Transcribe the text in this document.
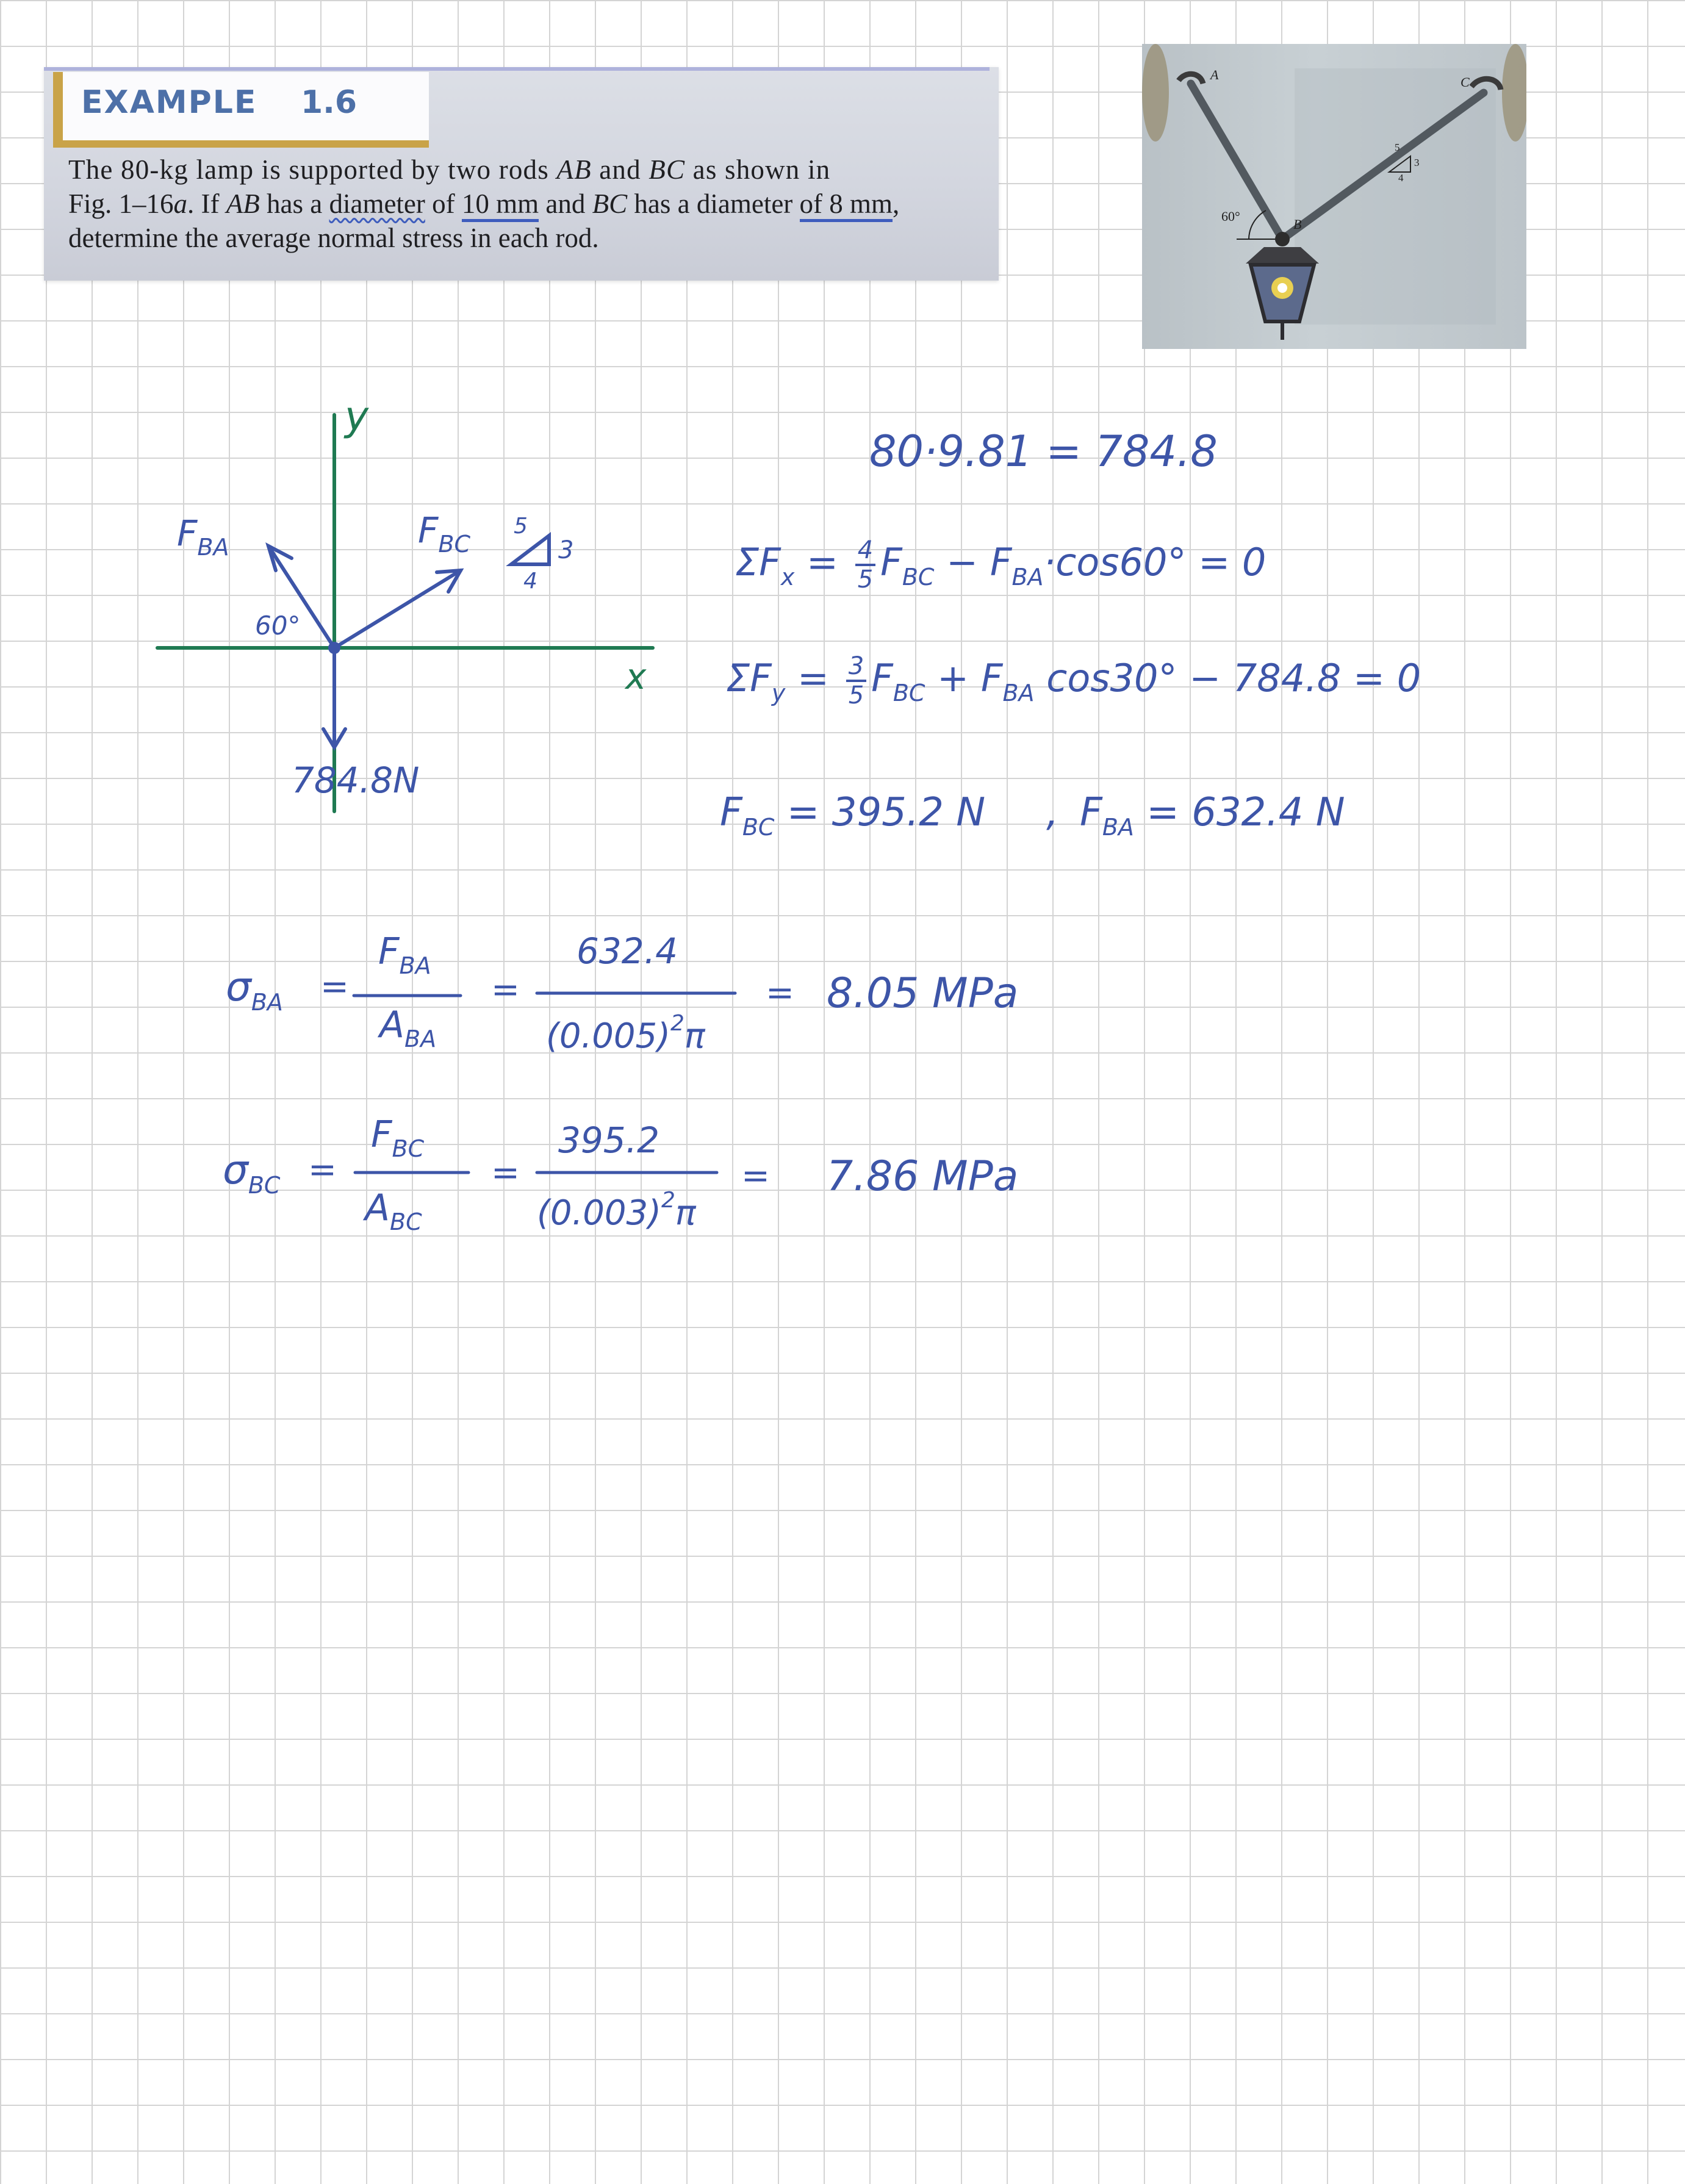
EXAMPLE 1.6
The 80-kg lamp is supported by two rods AB and BC as shown in
Fig. 1–16a. If AB has a diameter of 10 mm and BC has a diameter of 8 mm,
determine the average normal stress in each rod.
A	C
B
60°
5
3
4
y
x
$F_{BA}$
60°
$F_{BC}$
5
3
4
784.8N
80·9.81 = 784.8
$\Sigma F_x = \frac{4}{5} F_{BC} - F_{BA}\cdot\cos 60^\circ = 0$
$\Sigma F_y = \frac{3}{5} F_{BC} + F_{BA}$ cos30° − 784.8 = 0
$F_{BC} = 395.2$ N , $F_{BA} = 632.4$ N
$\sigma_{BA}$ =
$F_{BA}$
$A_{BA}$
=
632.4
$(0.005)^2\pi$
= 8.05 MPa
$\sigma_{BC}$ =
$F_{BC}$
$A_{BC}$
=
395.2
$(0.003)^2\pi$
= 7.86 MPa
